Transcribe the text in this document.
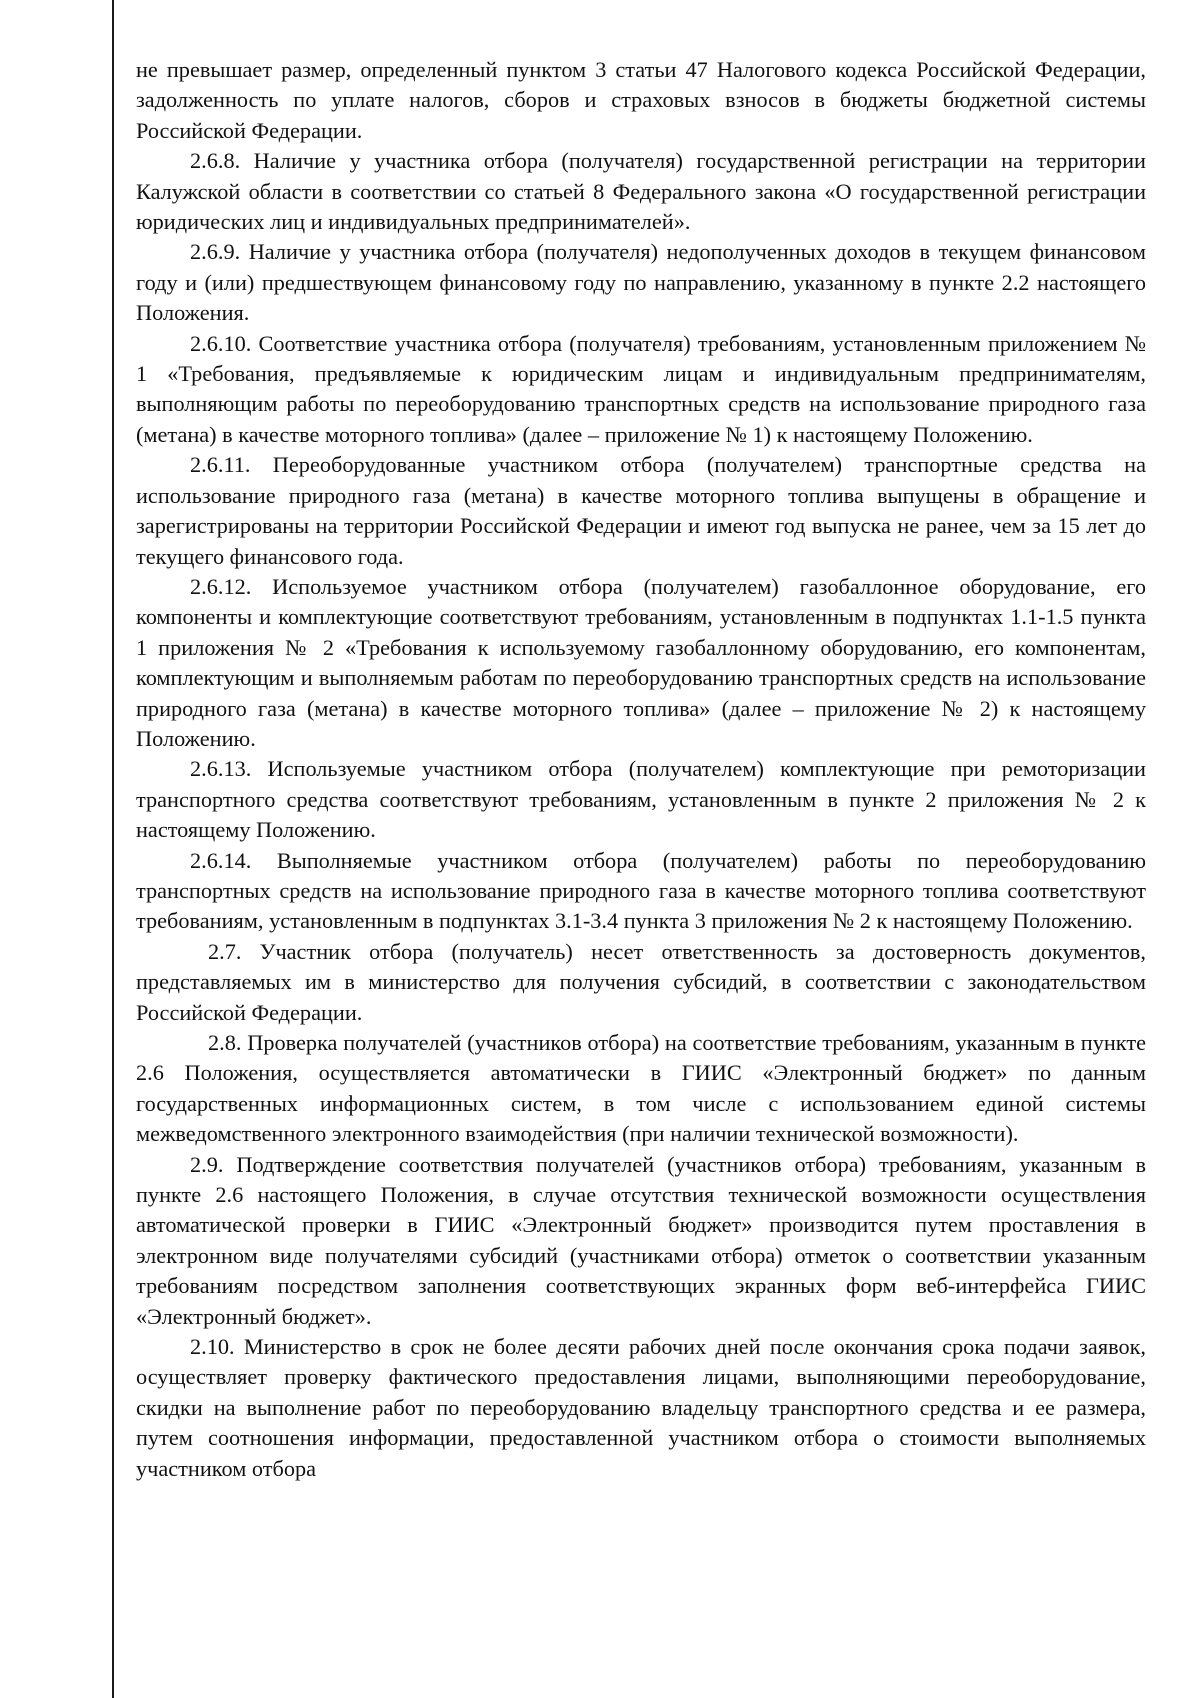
не превышает размер, определенный пунктом 3 статьи 47 Налогового кодекса Российской Федерации, задолженность по уплате налогов, сборов и страховых взносов в бюджеты бюджетной системы Российской Федерации.

2.6.8. Наличие у участника отбора (получателя) государственной регистрации на территории Калужской области в соответствии со статьей 8 Федерального закона «О государственной регистрации юридических лиц и индивидуальных предпринимателей».

2.6.9. Наличие у участника отбора (получателя) недополученных доходов в текущем финансовом году и (или) предшествующем финансовому году по направлению, указанному в пункте 2.2 настоящего Положения.

2.6.10. Соответствие участника отбора (получателя) требованиям, установленным приложением № 1 «Требования, предъявляемые к юридическим лицам и индивидуальным предпринимателям, выполняющим работы по переоборудованию транспортных средств на использование природного газа (метана) в качестве моторного топлива» (далее – приложение № 1) к настоящему Положению.

2.6.11. Переоборудованные участником отбора (получателем) транспортные средства на использование природного газа (метана) в качестве моторного топлива выпущены в обращение и зарегистрированы на территории Российской Федерации и имеют год выпуска не ранее, чем за 15 лет до текущего финансового года.

2.6.12. Используемое участником отбора (получателем) газобаллонное оборудование, его компоненты и комплектующие соответствуют требованиям, установленным в подпунктах 1.1-1.5 пункта 1 приложения № 2 «Требования к используемому газобаллонному оборудованию, его компонентам, комплектующим и выполняемым работам по переоборудованию транспортных средств на использование природного газа (метана) в качестве моторного топлива» (далее – приложение № 2) к настоящему Положению.

2.6.13. Используемые участником отбора (получателем) комплектующие при ремоторизации транспортного средства соответствуют требованиям, установленным в пункте 2 приложения № 2 к настоящему Положению.

2.6.14. Выполняемые участником отбора (получателем) работы по переоборудованию транспортных средств на использование природного газа в качестве моторного топлива соответствуют требованиям, установленным в подпунктах 3.1-3.4 пункта 3 приложения № 2 к настоящему Положению.

2.7. Участник отбора (получатель) несет ответственность за достоверность документов, представляемых им в министерство для получения субсидий, в соответствии с законодательством Российской Федерации.

2.8. Проверка получателей (участников отбора) на соответствие требованиям, указанным в пункте 2.6 Положения, осуществляется автоматически в ГИИС «Электронный бюджет» по данным государственных информационных систем, в том числе с использованием единой системы межведомственного электронного взаимодействия (при наличии технической возможности).

2.9. Подтверждение соответствия получателей (участников отбора) требованиям, указанным в пункте 2.6 настоящего Положения, в случае отсутствия технической возможности осуществления автоматической проверки в ГИИС «Электронный бюджет» производится путем проставления в электронном виде получателями субсидий (участниками отбора) отметок о соответствии указанным требованиям посредством заполнения соответствующих экранных форм веб-интерфейса ГИИС «Электронный бюджет».

2.10. Министерство в срок не более десяти рабочих дней после окончания срока подачи заявок, осуществляет проверку фактического предоставления лицами, выполняющими переоборудование, скидки на выполнение работ по переоборудованию владельцу транспортного средства и ее размера, путем соотношения информации, предоставленной участником отбора о стоимости выполняемых участником отбора
